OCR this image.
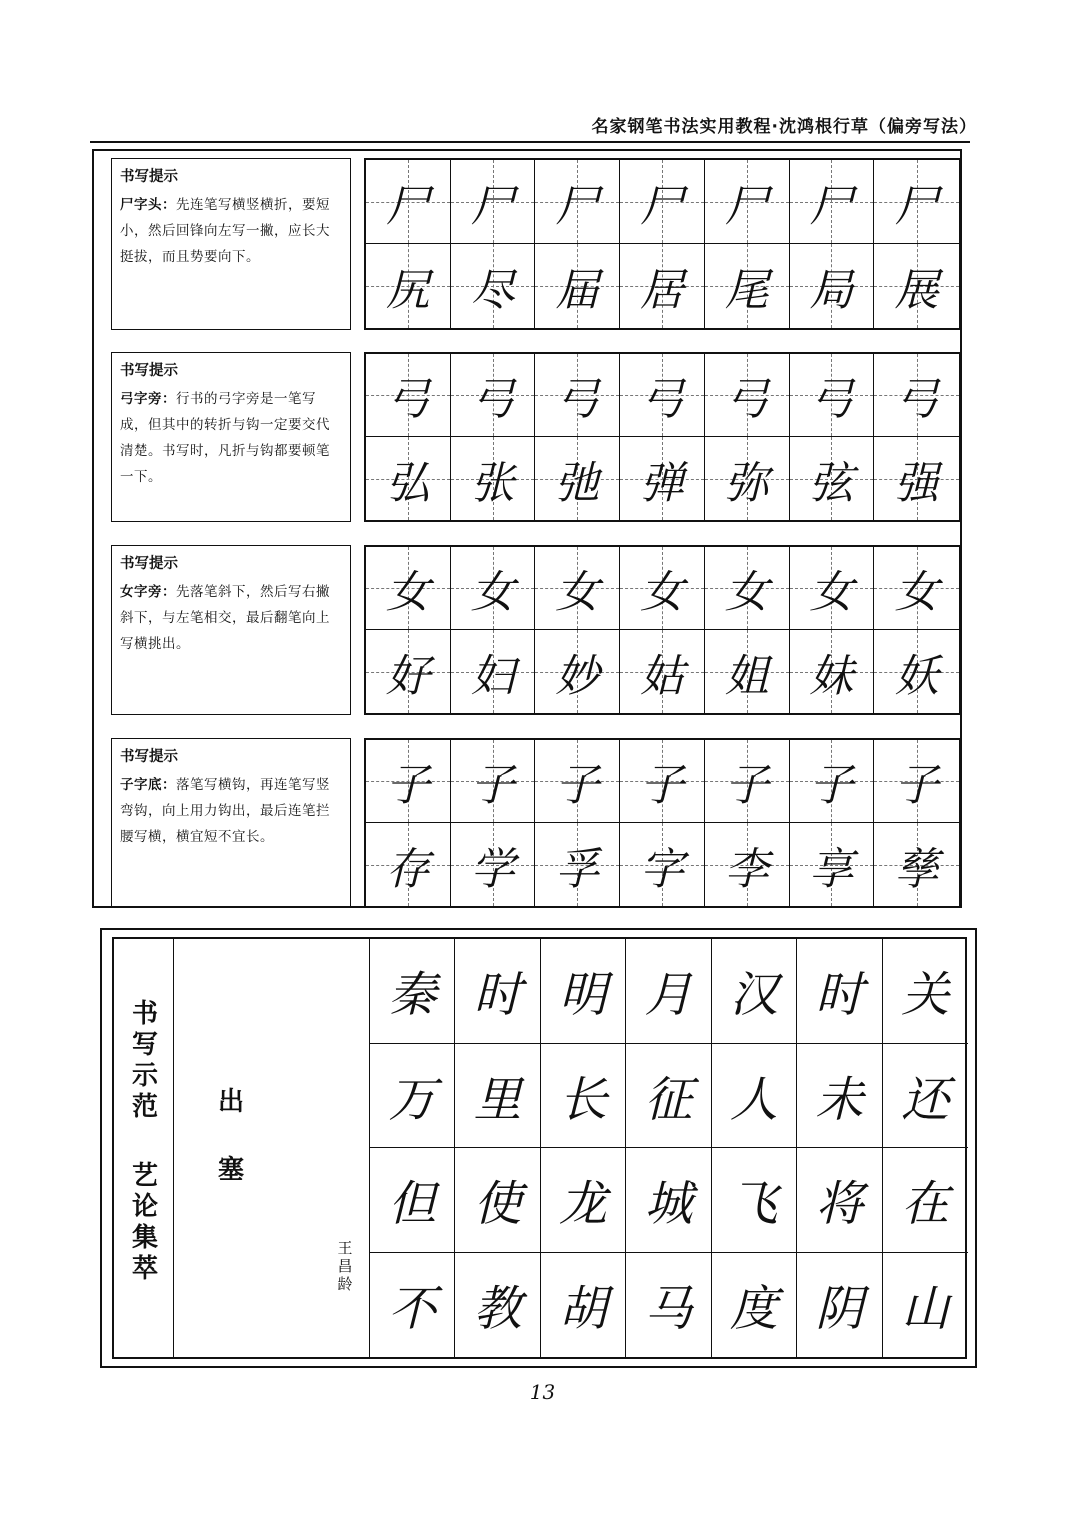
名家钢笔书法实用教程·沈鸿根行草（偏旁写法）
书写提示
尸字头：先连笔写横竖横折，要短小，然后回锋向左写一撇，应长大挺拔，而且势要向下。
尸 尸 尸 尸 尸 尸 尸
尻 尽 届 居 尾 局 展
书写提示
弓字旁：行书的弓字旁是一笔写成，但其中的转折与钩一定要交代清楚。书写时，凡折与钩都要顿笔一下。
弓 弓 弓 弓 弓 弓 弓
弘 张 弛 弹 弥 弦 强
书写提示
女字旁：先落笔斜下，然后写右撇斜下，与左笔相交，最后翻笔向上写横挑出。
女 女 女 女 女 女 女
好 妇 妙 姑 姐 妹 妖
书写提示
子字底：落笔写横钩，再连笔写竖弯钩，向上用力钩出，最后连笔拦腰写横，横宜短不宜长。
子 子 子 子 子 子 子
存 学 孚 字 李 享 孳
书
写
示
范
艺
论
集
萃
出
塞
王
昌
龄
秦 时 明 月 汉 时 关
万 里 长 征 人 未 还
但 使 龙 城 飞 将 在
不 教 胡 马 度 阴 山
13
